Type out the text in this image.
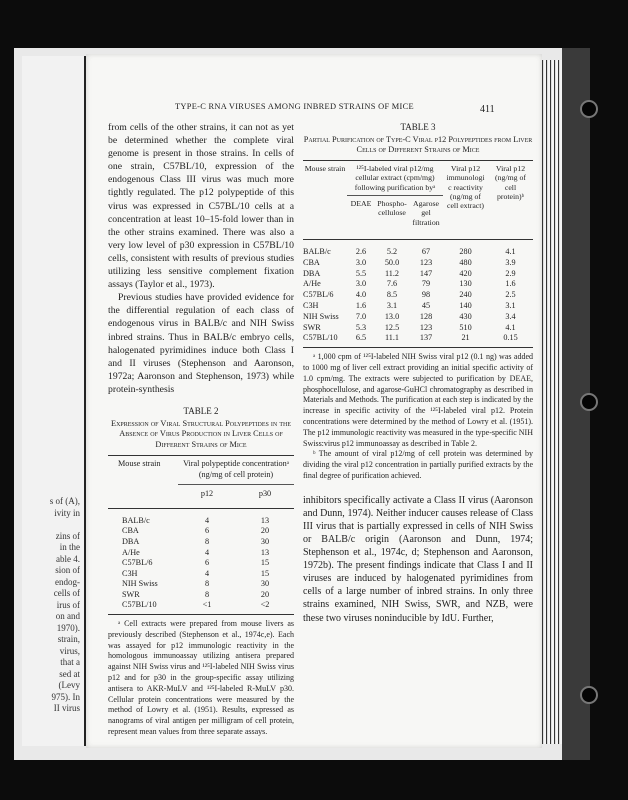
s of (A),
ivity in

zins of
in the
able 4.
sion of
endog-
cells of
irus of
on and
1970).
strain,
virus,
that a
sed at
(Levy
975). In
II virus
TYPE-C RNA VIRUSES AMONG INBRED STRAINS OF MICE	411

from cells of the other strains, it can not as yet be determined whether the complete viral genome is present in those strains. In cells of one strain, C57BL/10, expression of the endogenous Class III virus was much more tightly regulated. The p12 polypeptide of this virus was expressed in C57BL/10 cells at a concentration at least 10–15-fold lower than in the other strains examined. There was also a very low level of p30 expression in C57BL/10 cells, consistent with results of previous studies utilizing less sensitive complement fixation assays (Taylor et al., 1973).

Previous studies have provided evidence for the differential regulation of each class of endogenous virus in BALB/c and NIH Swiss inbred strains. Thus in BALB/c embryo cells, halogenated pyrimidines induce both Class I and II viruses (Stephenson and Aaronson, 1972a; Aaronson and Stephenson, 1973) while protein-synthesis

TABLE 2
Expression of Viral Structural Polypeptides in the Absence of Virus Production in Liver Cells of Different Strains of Mice
Mouse strain	Viral polypeptide concentrationᵃ (ng/mg of cell protein)	
	p12	p30
BALB/c	4	13
CBA	6	20
DBA	8	30
A/He	4	13
C57BL/6	6	15
C3H	4	15
NIH Swiss	8	30
SWR	8	20
C57BL/10	<1	<2

ᵃ Cell extracts were prepared from mouse livers as previously described (Stephenson et al., 1974c,e). Each was assayed for p12 immunologic reactivity in the homologous immunoassay utilizing antisera prepared against NIH Swiss virus and ¹²⁵I-labeled NIH Swiss virus p12 and for p30 in the group-specific assay utilizing antisera to AKR-MuLV and ¹²⁵I-labeled R-MuLV p30. Cellular protein concentrations were measured by the method of Lowry et al. (1951). Results, expressed as nanograms of viral antigen per milligram of cell protein, represent mean values from three separate assays.

TABLE 3
Partial Purification of Type-C Viral p12 Polypeptides from Liver Cells of Different Strains of Mice
Mouse strain	¹²⁵I-labeled viral p12/mg cellular extract (cpm/mg) following purification byᵃ			Viral p12 immunologic reactivity (ng/mg of cell extract)	Viral p12 (ng/mg of cell protein)ᵇ
	DEAE	Phospho-cellulose	Agarose gel filtration		
BALB/c	2.6	5.2	67	280	4.1
CBA	3.0	50.0	123	480	3.9
DBA	5.5	11.2	147	420	2.9
A/He	3.0	7.6	79	130	1.6
C57BL/6	4.0	8.5	98	240	2.5
C3H	1.6	3.1	45	140	3.1
NIH Swiss	7.0	13.0	128	430	3.4
SWR	5.3	12.5	123	510	4.1
C57BL/10	6.5	11.1	137	21	0.15

ᵃ 1,000 cpm of ¹²⁵I-labeled NIH Swiss viral p12 (0.1 ng) was added to 1000 mg of liver cell extract providing an initial specific activity of 1.0 cpm/mg. The extracts were subjected to purification by DEAE, phosphocellulose, and agarose-GuHCl chromatography as described in Materials and Methods. The purification at each step is indicated by the increase in specific activity of the ¹²⁵I-labeled viral p12. Protein concentrations were determined by the method of Lowry et al. (1951). The p12 immunologic reactivity was measured in the type-specific NIH Swiss:virus p12 immunoassay as described in Table 2.

ᵇ The amount of viral p12/mg of cell protein was determined by dividing the viral p12 concentration in partially purified extracts by the final degree of purification achieved.

inhibitors specifically activate a Class II virus (Aaronson and Dunn, 1974). Neither inducer causes release of Class III virus that is partially expressed in cells of NIH Swiss or BALB/c origin (Aaronson and Dunn, 1974; Stephenson et al., 1974c, d; Stephenson and Aaronson, 1972b). The present findings indicate that Class I and II viruses are induced by halogenated pyrimidines from cells of a large number of inbred strains. In only three strains examined, NIH Swiss, SWR, and NZB, were these two viruses noninducible by IdU. Further,
